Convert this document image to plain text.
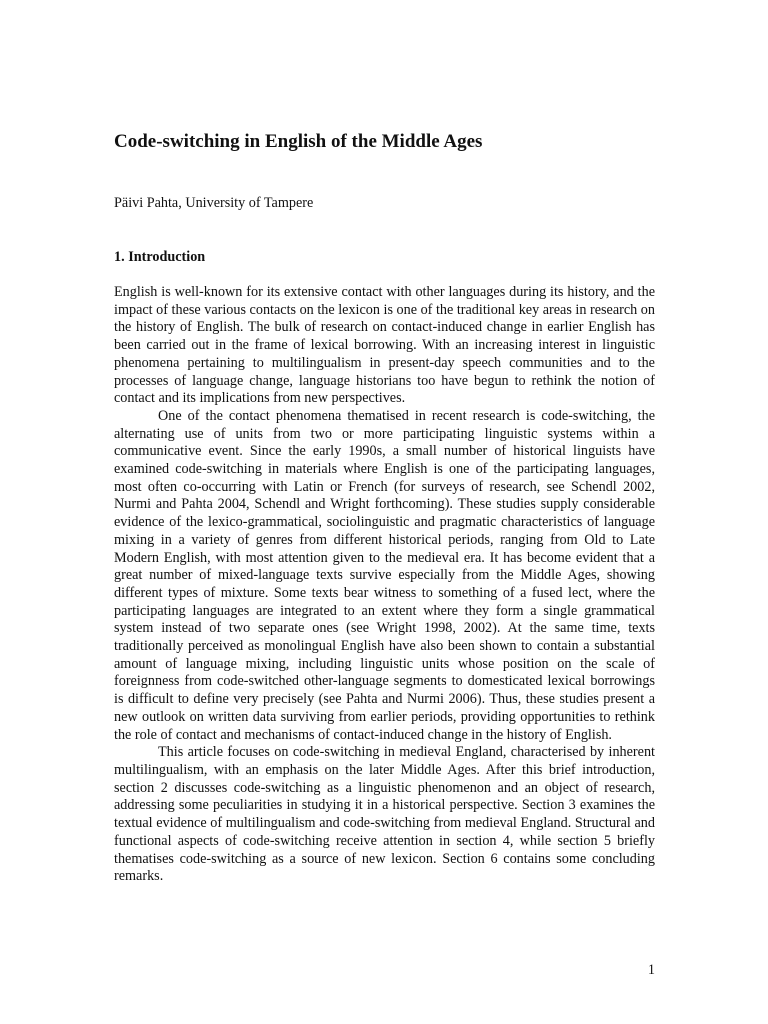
Code-switching in English of the Middle Ages

Päivi Pahta, University of Tampere

1. Introduction

English is well-known for its extensive contact with other languages during its history, and the impact of these various contacts on the lexicon is one of the traditional key areas in research on the history of English. The bulk of research on contact-induced change in earlier English has been carried out in the frame of lexical borrowing. With an increasing interest in linguistic phenomena pertaining to multilingualism in present-day speech communities and to the processes of language change, language historians too have begun to rethink the notion of contact and its implications from new perspectives.

One of the contact phenomena thematised in recent research is code-switching, the alternating use of units from two or more participating linguistic systems within a communicative event. Since the early 1990s, a small number of historical linguists have examined code-switching in materials where English is one of the participating languages, most often co-occurring with Latin or French (for surveys of research, see Schendl 2002, Nurmi and Pahta 2004, Schendl and Wright forthcoming). These studies supply considerable evidence of the lexico-grammatical, sociolinguistic and pragmatic characteristics of language mixing in a variety of genres from different historical periods, ranging from Old to Late Modern English, with most attention given to the medieval era. It has become evident that a great number of mixed-language texts survive especially from the Middle Ages, showing different types of mixture. Some texts bear witness to something of a fused lect, where the participating languages are integrated to an extent where they form a single grammatical system instead of two separate ones (see Wright 1998, 2002). At the same time, texts traditionally perceived as monolingual English have also been shown to contain a substantial amount of language mixing, including linguistic units whose position on the scale of foreignness from code-switched other-language segments to domesticated lexical borrowings is difficult to define very precisely (see Pahta and Nurmi 2006). Thus, these studies present a new outlook on written data surviving from earlier periods, providing opportunities to rethink the role of contact and mechanisms of contact-induced change in the history of English.

This article focuses on code-switching in medieval England, characterised by inherent multilingualism, with an emphasis on the later Middle Ages. After this brief introduction, section 2 discusses code-switching as a linguistic phenomenon and an object of research, addressing some peculiarities in studying it in a historical perspective. Section 3 examines the textual evidence of multilingualism and code-switching from medieval England. Structural and functional aspects of code-switching receive attention in section 4, while section 5 briefly thematises code-switching as a source of new lexicon. Section 6 contains some concluding remarks.

1
